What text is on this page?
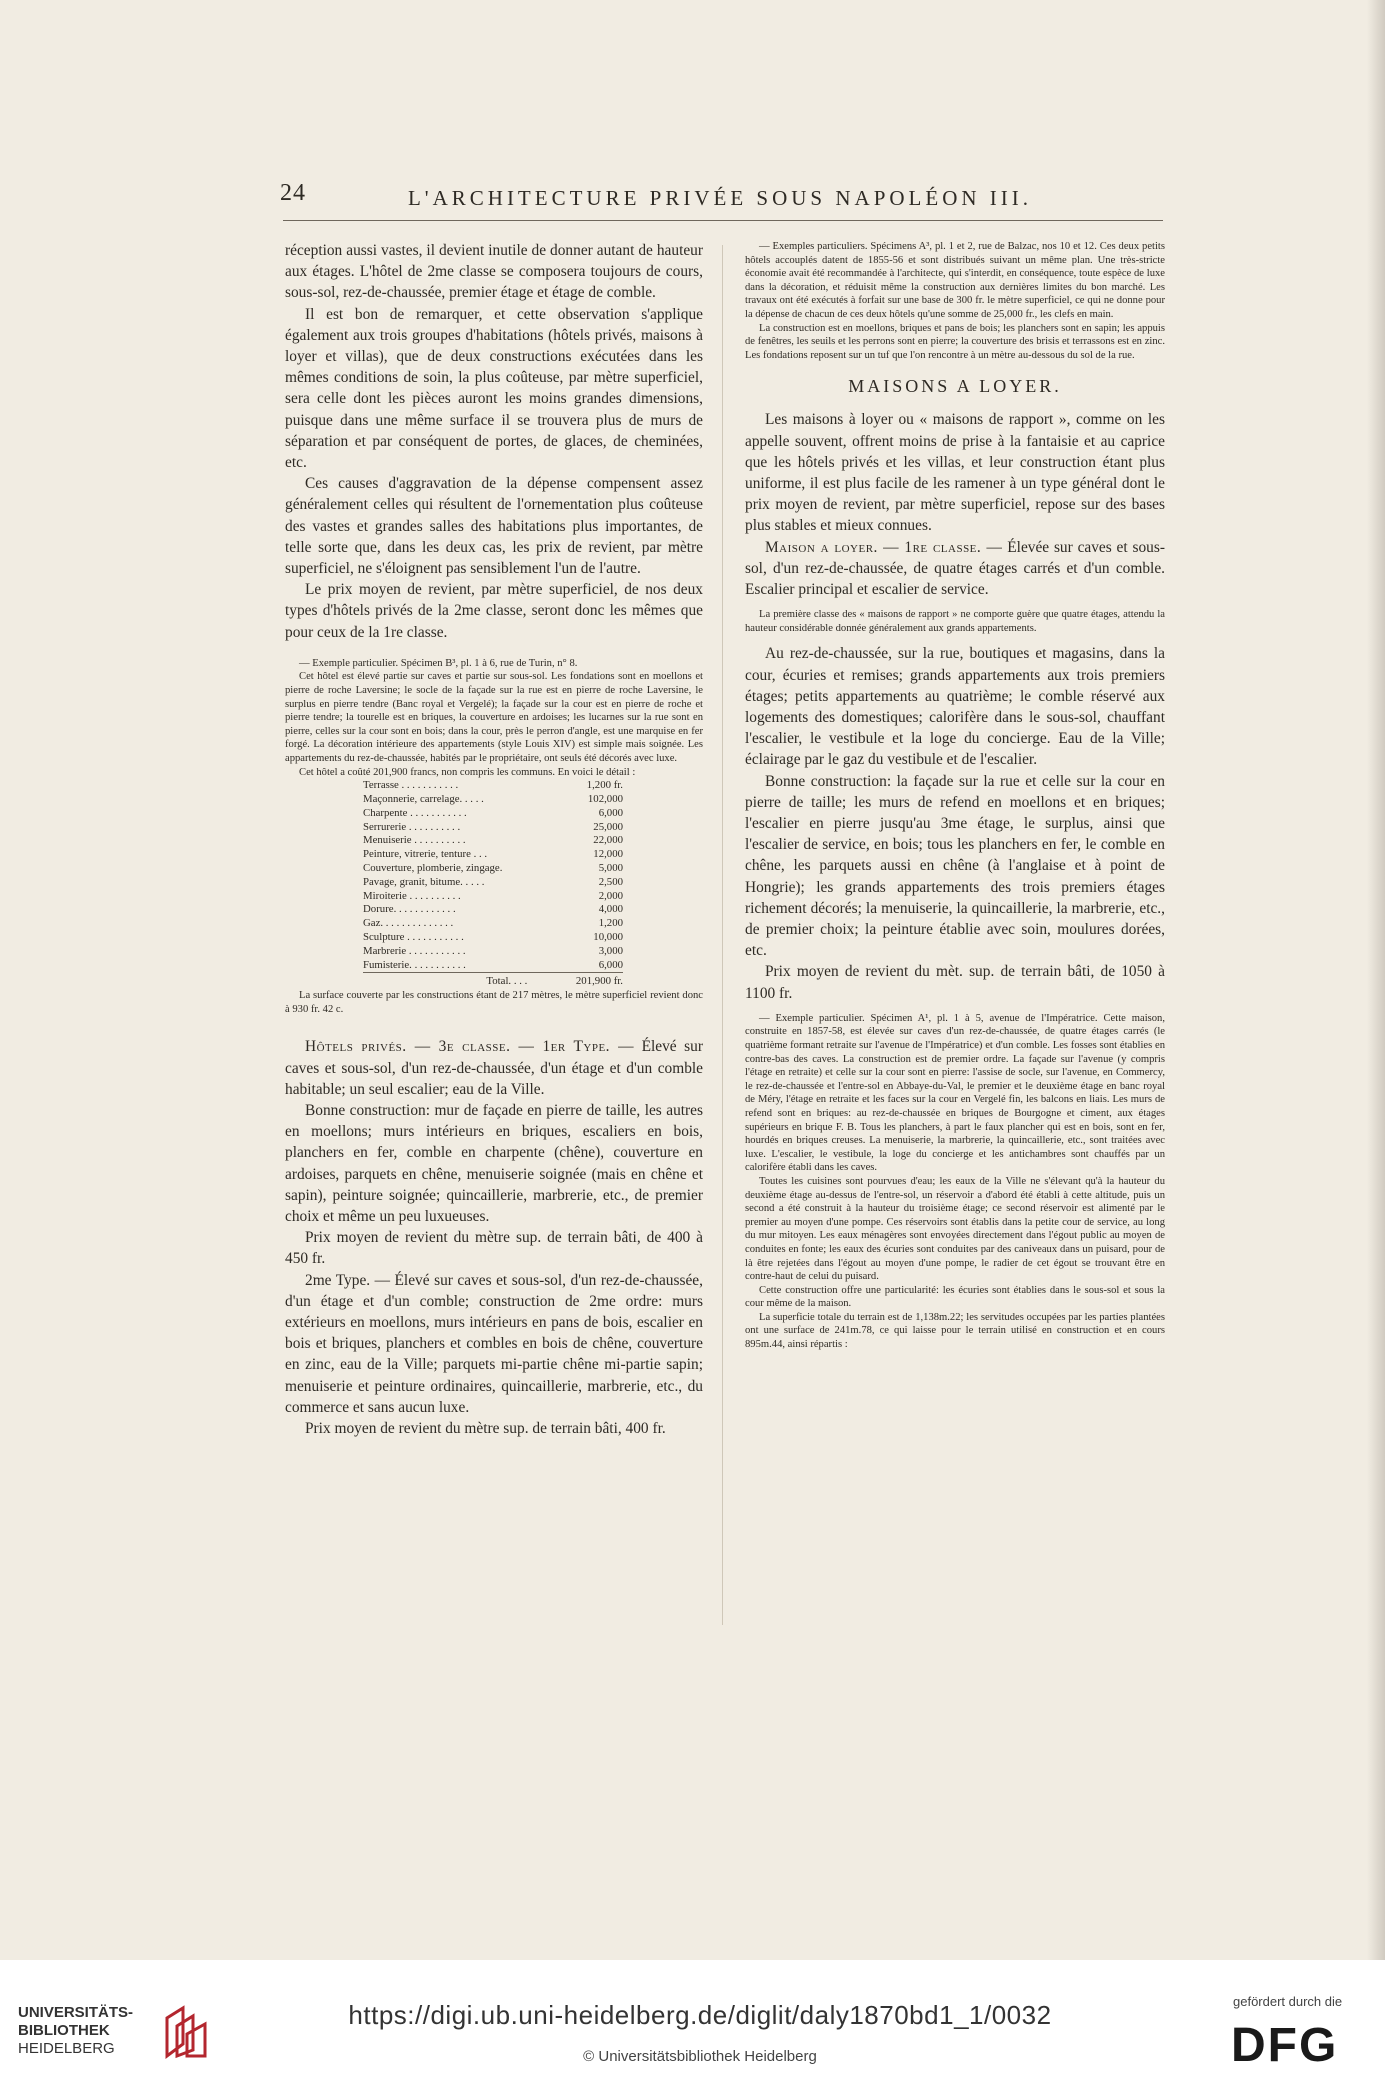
24	L'ARCHITECTURE PRIVÉE SOUS NAPOLÉON III.

réception aussi vastes, il devient inutile de donner autant de hauteur aux étages. L'hôtel de 2me classe se composera toujours de cours, sous-sol, rez-de-chaussée, premier étage et étage de comble.

Il est bon de remarquer, et cette observation s'applique également aux trois groupes d'habitations (hôtels privés, maisons à loyer et villas), que de deux constructions exécutées dans les mêmes conditions de soin, la plus coûteuse, par mètre superficiel, sera celle dont les pièces auront les moins grandes dimensions, puisque dans une même surface il se trouvera plus de murs de séparation et par conséquent de portes, de glaces, de cheminées, etc.

Ces causes d'aggravation de la dépense compensent assez généralement celles qui résultent de l'ornementation plus coûteuse des vastes et grandes salles des habitations plus importantes, de telle sorte que, dans les deux cas, les prix de revient, par mètre superficiel, ne s'éloignent pas sensiblement l'un de l'autre.

Le prix moyen de revient, par mètre superficiel, de nos deux types d'hôtels privés de la 2me classe, seront donc les mêmes que pour ceux de la 1re classe.

— Exemple particulier. Spécimen B³, pl. 1 à 6, rue de Turin, n° 8.

Cet hôtel est élevé partie sur caves et partie sur sous-sol. Les fondations sont en moellons et pierre de roche Laversine; le socle de la façade sur la rue est en pierre de roche Laversine, le surplus en pierre tendre (Banc royal et Vergelé); la façade sur la cour est en pierre de roche et pierre tendre; la tourelle est en briques, la couverture en ardoises; les lucarnes sur la rue sont en pierre, celles sur la cour sont en bois; dans la cour, près le perron d'angle, est une marquise en fer forgé. La décoration intérieure des appartements (style Louis XIV) est simple mais soignée. Les appartements du rez-de-chaussée, habités par le propriétaire, ont seuls été décorés avec luxe.

Cet hôtel a coûté 201,900 francs, non compris les communs. En voici le détail :

Terrasse . . . . . . . . . . .	1,200 fr.
Maçonnerie, carrelage. . . . .	102,000
Charpente . . . . . . . . . . .	6,000
Serrurerie . . . . . . . . . .	25,000
Menuiserie . . . . . . . . . .	22,000
Peinture, vitrerie, tenture . . .	12,000
Couverture, plomberie, zingage.	5,000
Pavage, granit, bitume. . . . .	2,500
Miroiterie . . . . . . . . . .	2,000
Dorure. . . . . . . . . . . .	4,000
Gaz. . . . . . . . . . . . . .	1,200
Sculpture . . . . . . . . . . .	10,000
Marbrerie . . . . . . . . . . .	3,000
Fumisterie. . . . . . . . . . .	6,000
Total. . . .	201,900 fr.

La surface couverte par les constructions étant de 217 mètres, le mètre superficiel revient donc à 930 fr. 42 c.

Hôtels privés. — 3e classe. — 1er Type. — Élevé sur caves et sous-sol, d'un rez-de-chaussée, d'un étage et d'un comble habitable; un seul escalier; eau de la Ville.

Bonne construction: mur de façade en pierre de taille, les autres en moellons; murs intérieurs en briques, escaliers en bois, planchers en fer, comble en charpente (chêne), couverture en ardoises, parquets en chêne, menuiserie soignée (mais en chêne et sapin), peinture soignée; quincaillerie, marbrerie, etc., de premier choix et même un peu luxueuses.

Prix moyen de revient du mètre sup. de terrain bâti, de 400 à 450 fr.

2me Type. — Élevé sur caves et sous-sol, d'un rez-de-chaussée, d'un étage et d'un comble; construction de 2me ordre: murs extérieurs en moellons, murs intérieurs en pans de bois, escalier en bois et briques, planchers et combles en bois de chêne, couverture en zinc, eau de la Ville; parquets mi-partie chêne mi-partie sapin; menuiserie et peinture ordinaires, quincaillerie, marbrerie, etc., du commerce et sans aucun luxe.

Prix moyen de revient du mètre sup. de terrain bâti, 400 fr.

— Exemples particuliers. Spécimens A³, pl. 1 et 2, rue de Balzac, nos 10 et 12. Ces deux petits hôtels accouplés datent de 1855-56 et sont distribués suivant un même plan. Une très-stricte économie avait été recommandée à l'architecte, qui s'interdit, en conséquence, toute espèce de luxe dans la décoration, et réduisit même la construction aux dernières limites du bon marché. Les travaux ont été exécutés à forfait sur une base de 300 fr. le mètre superficiel, ce qui ne donne pour la dépense de chacun de ces deux hôtels qu'une somme de 25,000 fr., les clefs en main.

La construction est en moellons, briques et pans de bois; les planchers sont en sapin; les appuis de fenêtres, les seuils et les perrons sont en pierre; la couverture des brisis et terrassons est en zinc. Les fondations reposent sur un tuf que l'on rencontre à un mètre au-dessous du sol de la rue.

MAISONS A LOYER.

Les maisons à loyer ou « maisons de rapport », comme on les appelle souvent, offrent moins de prise à la fantaisie et au caprice que les hôtels privés et les villas, et leur construction étant plus uniforme, il est plus facile de les ramener à un type général dont le prix moyen de revient, par mètre superficiel, repose sur des bases plus stables et mieux connues.

Maison a loyer. — 1re classe. — Élevée sur caves et sous-sol, d'un rez-de-chaussée, de quatre étages carrés et d'un comble. Escalier principal et escalier de service.

La première classe des « maisons de rapport » ne comporte guère que quatre étages, attendu la hauteur considérable donnée généralement aux grands appartements.

Au rez-de-chaussée, sur la rue, boutiques et magasins, dans la cour, écuries et remises; grands appartements aux trois premiers étages; petits appartements au quatrième; le comble réservé aux logements des domestiques; calorifère dans le sous-sol, chauffant l'escalier, le vestibule et la loge du concierge. Eau de la Ville; éclairage par le gaz du vestibule et de l'escalier.

Bonne construction: la façade sur la rue et celle sur la cour en pierre de taille; les murs de refend en moellons et en briques; l'escalier en pierre jusqu'au 3me étage, le surplus, ainsi que l'escalier de service, en bois; tous les planchers en fer, le comble en chêne, les parquets aussi en chêne (à l'anglaise et à point de Hongrie); les grands appartements des trois premiers étages richement décorés; la menuiserie, la quincaillerie, la marbrerie, etc., de premier choix; la peinture établie avec soin, moulures dorées, etc.

Prix moyen de revient du mèt. sup. de terrain bâti, de 1050 à 1100 fr.

— Exemple particulier. Spécimen A¹, pl. 1 à 5, avenue de l'Impératrice. Cette maison, construite en 1857-58, est élevée sur caves d'un rez-de-chaussée, de quatre étages carrés (le quatrième formant retraite sur l'avenue de l'Impératrice) et d'un comble. Les fosses sont établies en contre-bas des caves. La construction est de premier ordre. La façade sur l'avenue (y compris l'étage en retraite) et celle sur la cour sont en pierre: l'assise de socle, sur l'avenue, en Commercy, le rez-de-chaussée et l'entre-sol en Abbaye-du-Val, le premier et le deuxième étage en banc royal de Méry, l'étage en retraite et les faces sur la cour en Vergelé fin, les balcons en liais. Les murs de refend sont en briques: au rez-de-chaussée en briques de Bourgogne et ciment, aux étages supérieurs en brique F. B. Tous les planchers, à part le faux plancher qui est en bois, sont en fer, hourdés en briques creuses. La menuiserie, la marbrerie, la quincaillerie, etc., sont traitées avec luxe. L'escalier, le vestibule, la loge du concierge et les antichambres sont chauffés par un calorifère établi dans les caves.

Toutes les cuisines sont pourvues d'eau; les eaux de la Ville ne s'élevant qu'à la hauteur du deuxième étage au-dessus de l'entre-sol, un réservoir a d'abord été établi à cette altitude, puis un second a été construit à la hauteur du troisième étage; ce second réservoir est alimenté par le premier au moyen d'une pompe. Ces réservoirs sont établis dans la petite cour de service, au long du mur mitoyen. Les eaux ménagères sont envoyées directement dans l'égout public au moyen de conduites en fonte; les eaux des écuries sont conduites par des caniveaux dans un puisard, pour de là être rejetées dans l'égout au moyen d'une pompe, le radier de cet égout se trouvant être en contre-haut de celui du puisard.

Cette construction offre une particularité: les écuries sont établies dans le sous-sol et sous la cour même de la maison.

La superficie totale du terrain est de 1,138m.22; les servitudes occupées par les parties plantées ont une surface de 241m.78, ce qui laisse pour le terrain utilisé en construction et en cours 895m.44, ainsi répartis :

UNIVERSITÄTS-
BIBLIOTHEK
HEIDELBERG
https://digi.ub.uni-heidelberg.de/diglit/daly1870bd1_1/0032
© Universitätsbibliothek Heidelberg
gefördert durch die
DFG
